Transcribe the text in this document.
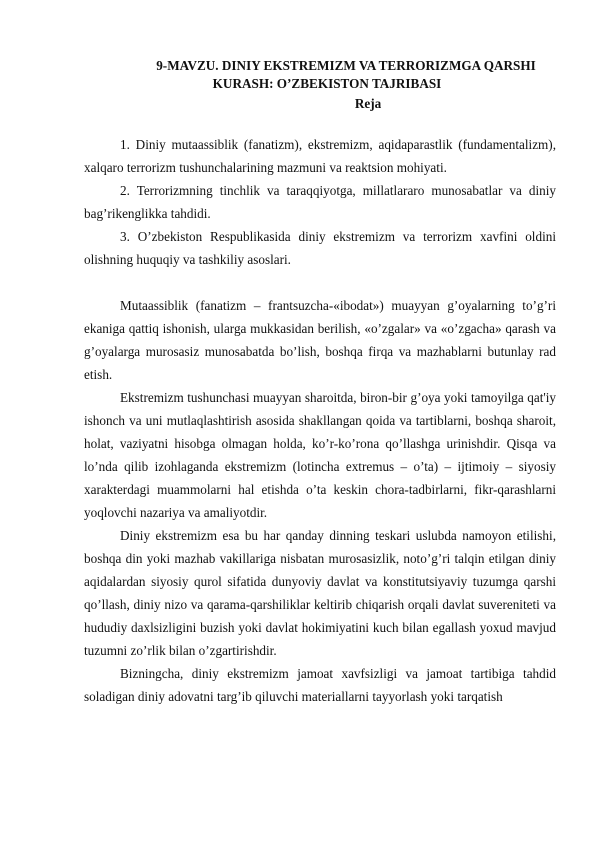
9-MAVZU. DINIY EKSTREMIZM VA TERRORIZMGA QARSHI
KURASH: O’ZBEKISTON TAJRIBASI
Reja

1. Diniy mutaassiblik (fanatizm), ekstremizm, aqidaparastlik (fundamentalizm), xalqaro terrorizm tushunchalarining mazmuni va reaktsion mohiyati.

2. Terrorizmning tinchlik va taraqqiyotga, millatlararo munosabatlar va diniy bag’rikenglikka tahdidi.

3. O’zbekiston Respublikasida diniy ekstremizm va terrorizm xavfini oldini olishning huquqiy va tashkiliy asoslari.

Mutaassiblik (fanatizm – frantsuzcha-«ibodat») muayyan g’oyalarning to’g’ri ekaniga qattiq ishonish, ularga mukkasidan berilish, «o’zgalar» va «o’zgacha» qarash va g’oyalarga murosasiz munosabatda bo’lish, boshqa firqa va mazhablarni butunlay rad etish.

Ekstremizm tushunchasi muayyan sharoitda, biron-bir g’oya yoki tamoyilga qat'iy ishonch va uni mutlaqlashtirish asosida shakllangan qoida va tartiblarni, boshqa sharoit, holat, vaziyatni hisobga olmagan holda, ko’r-ko’rona qo’llashga urinishdir. Qisqa va lo’nda qilib izohlaganda ekstremizm (lotincha extremus – o’ta) – ijtimoiy – siyosiy xarakterdagi muammolarni hal etishda o’ta keskin chora-tadbirlarni, fikr-qarashlarni yoqlovchi nazariya va amaliyotdir.

Diniy ekstremizm esa bu har qanday dinning teskari uslubda namoyon etilishi, boshqa din yoki mazhab vakillariga nisbatan murosasizlik, noto’g’ri talqin etilgan diniy aqidalardan siyosiy qurol sifatida dunyoviy davlat va konstitutsiyaviy tuzumga qarshi qo’llash, diniy nizo va qarama-qarshiliklar keltirib chiqarish orqali davlat suvereniteti va hududiy daxlsizligini buzish yoki davlat hokimiyatini kuch bilan egallash yoxud mavjud tuzumni zo’rlik bilan o’zgartirishdir.

Bizningcha, diniy ekstremizm jamoat xavfsizligi va jamoat tartibiga tahdid soladigan diniy adovatni targ’ib qiluvchi materiallarni tayyorlash yoki tarqatish
